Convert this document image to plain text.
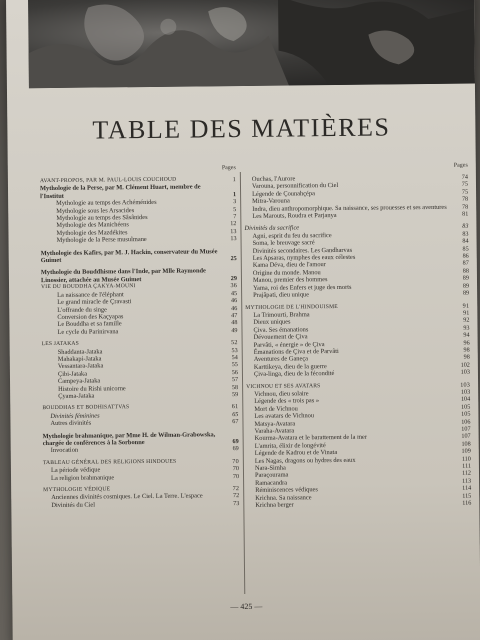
TABLE DES MATIÈRES
Pages
AVANT-PROPOS, PAR M. PAUL-LOUIS COUCHOUD	1
Mythologie de la Perse, par M. Clément Huart, membre de l'Institut	1
Mythologie au temps des Achéménides	3
Mythologie sous les Arsacides	5
Mythologie au temps des Sâsânides	7
Mythologie des Manichéens	12
Mythologie des Mazdékites	13
Mythologie de la Perse musulmane	13
Mythologie des Kafirs, par M. J. Hackin, conservateur du Musée Guimet	25
Mythologie du Bouddhisme dans l'Inde, par Mlle Raymonde Linossier, attachée au Musée Guimet	29
VIE DU BOUDDHA ÇAKYA-MOUNI	36
La naissance de l'éléphant	45
Le grand miracle de Çravasti	46
L'offrande du singe	46
Conversion des Kaçyapas	47
Le Bouddha et sa famille	48
Le cycle du Parinirvana	49
LES JATAKAS	52
Shaddanta-Jataka	53
Mahakapi-Jataka	54
Vessantara-Jataka	55
Çibi-Jataka	56
Campeya-Jataka	57
Histoire du Rishi unicorne	58
Çyama-Jataka	59
BOUDDHAS ET BODHISATTVAS	61
Divinités féminines	65
Autres divinités	67
Mythologie brahmanique, par Mme H. de Wilman-Grabowska, chargée de conférences à la Sorbonne	69
Invocation	69
TABLEAU GÉNÉRAL DES RELIGIONS HINDOUES	70
La période védique	70
La religion brahmanique	70
MYTHOLOGIE VÉDIQUE	72
Anciennes divinités cosmiques. Le Ciel. La Terre. L'espace	72
Divinités du Ciel	73
Pages
Ouchas, l'Aurore	74
Varouna, personnification du Ciel	75
Légende de Çounahçépa	75
Mitra-Varouna	78
Indra, dieu anthropomorphique. Sa naissance, ses prouesses et ses aventures 78
Les Marouts, Roudra et Parjanya	81
Divinités du sacrifice	83
Agni, esprit du feu du sacrifice	83
Soma, le breuvage sacré	84
Divinités secondaires. Les Gandharvas	85
Les Apsaras, nymphes des eaux célestes	86
Kama Déva, dieu de l'amour	87
Origine du monde. Manou	88
Manou, premier des hommes	89
Yama, roi des Enfers et juge des morts	89
Prajâpati, dieu unique	89
MYTHOLOGIE DE L'HINDOUISME	91
La Trimourti, Brahma	91
Dieux uniques	92
Çiva. Ses émanations	93
Dévouement de Çiva	94
Parvâti, « énergie » de Çiva	96
Émanations de Çiva et de Parvâti	98
Aventures de Ganeça	98
Karttikeya, dieu de la guerre	102
Çiva-linga, dieu de la fécondité	103
VICHNOU ET SES AVATARS	103
Vichnou, dieu solaire	103
Légende des « trois pas »	104
Mort de Vichnou	105
Les avatars de Vichnou	105
Matsya-Avatara	106
Varaha-Avatara	107
Kourma-Avatara et le barattement de la mer	107
L'amrita, élixir de longévité	108
Légende de Kadrou et de Vinata	109
Les Nagas, dragons ou hydres des eaux	110
Nara-Simha	111
Paraçourama	112
Ramacandra	113
Réminiscences védiques	114
Krichna. Sa naissance	115
Krichna berger	116
— 425 —
